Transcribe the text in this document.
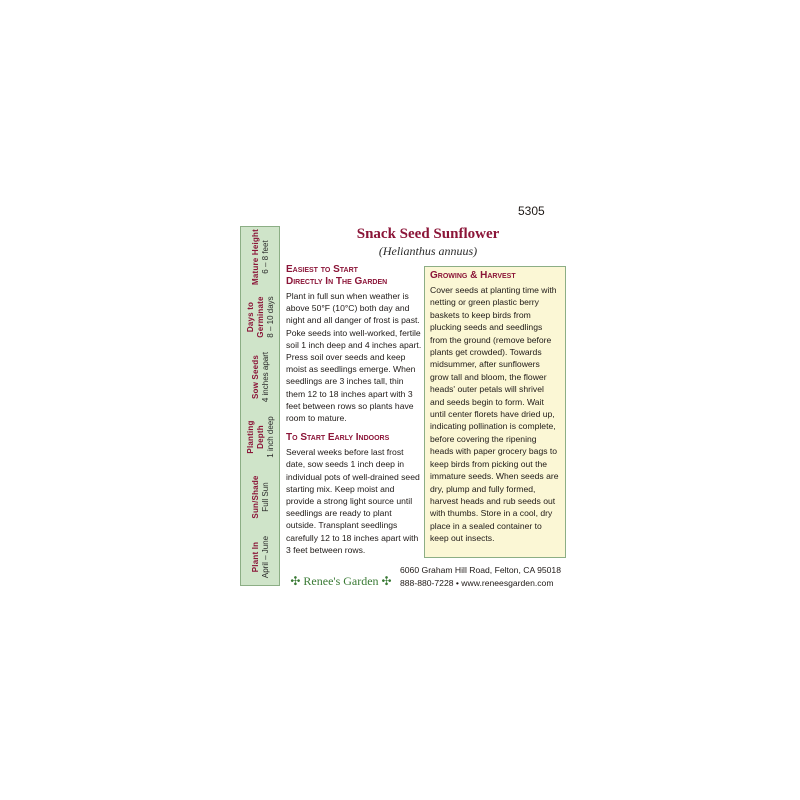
5305
Mature Height 6 – 8 feet
Days to Germinate 8 – 10 days
Sow Seeds 4 inches apart
Planting Depth 1 inch deep
Sun/Shade Full Sun
Plant In April – June
Snack Seed Sunflower
(Helianthus annuus)
Easiest to Start
Directly In The Garden

Plant in full sun when weather is above 50°F (10°C) both day and night and all danger of frost is past. Poke seeds into well-worked, fertile soil 1 inch deep and 4 inches apart. Press soil over seeds and keep moist as seedlings emerge. When seedlings are 3 inches tall, thin them 12 to 18 inches apart with 3 feet between rows so plants have room to mature.

To Start Early Indoors

Several weeks before last frost date, sow seeds 1 inch deep in individual pots of well-drained seed starting mix. Keep moist and provide a strong light source until seedlings are ready to plant outside. Transplant seedlings carefully 12 to 18 inches apart with 3 feet between rows.

Growing & Harvest

Cover seeds at planting time with netting or green plastic berry baskets to keep birds from plucking seeds and seedlings from the ground (remove before plants get crowded). Towards midsummer, after sunflowers grow tall and bloom, the flower heads' outer petals will shrivel and seeds begin to form. Wait until center florets have dried up, indicating pollination is complete, before covering the ripening heads with paper grocery bags to keep birds from picking out the immature seeds. When seeds are dry, plump and fully formed, harvest heads and rub seeds out with thumbs. Store in a cool, dry place in a sealed container to keep out insects.

✣ Renee's Garden ✣
6060 Graham Hill Road, Felton, CA 95018
888-880-7228 • www.reneesgarden.com
